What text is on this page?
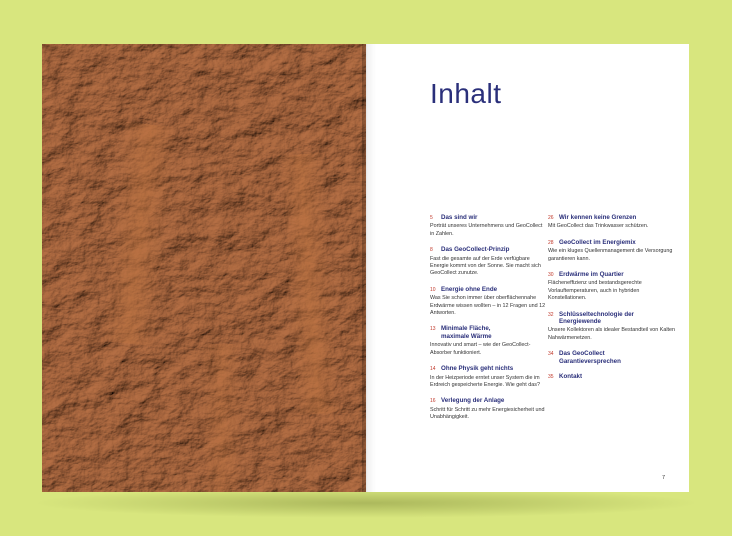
Inhalt
5	Das sind wir
Porträt unseres Unternehmens und GeoCollect in Zahlen.
8	Das GeoCollect-Prinzip
Fast die gesamte auf der Erde verfügbare Energie kommt von der Sonne. Sie macht sich GeoCollect zunutze.
10 Energie ohne Ende
Was Sie schon immer über oberflächennahe Erdwärme wissen wollten – in 12 Fragen und 12 Antworten.
13 Minimale Fläche, maximale Wärme
Innovativ und smart – wie der GeoCollect-Absorber funktioniert.
14 Ohne Physik geht nichts
In der Heizperiode erntet unser System die im Erdreich gespeicherte Energie. Wie geht das?
16 Verlegung der Anlage
Schritt für Schritt zu mehr Energiesicherheit und Unabhängigkeit.
26 Wir kennen keine Grenzen
Mit GeoCollect das Trinkwasser schützen.
28 GeoCollect im Energiemix
Wie ein kluges Quellenmanagement die Versorgung garantieren kann.
30 Erdwärme im Quartier
Flächeneffizienz und bestandsgerechte Vorlauftemperaturen, auch in hybriden Konstellationen.
32 Schlüsseltechnologie der Energiewende
Unsere Kollektoren als idealer Bestandteil von Kalten Nahwärmenetzen.
34 Das GeoCollect Garantieversprechen
35 Kontakt
7
